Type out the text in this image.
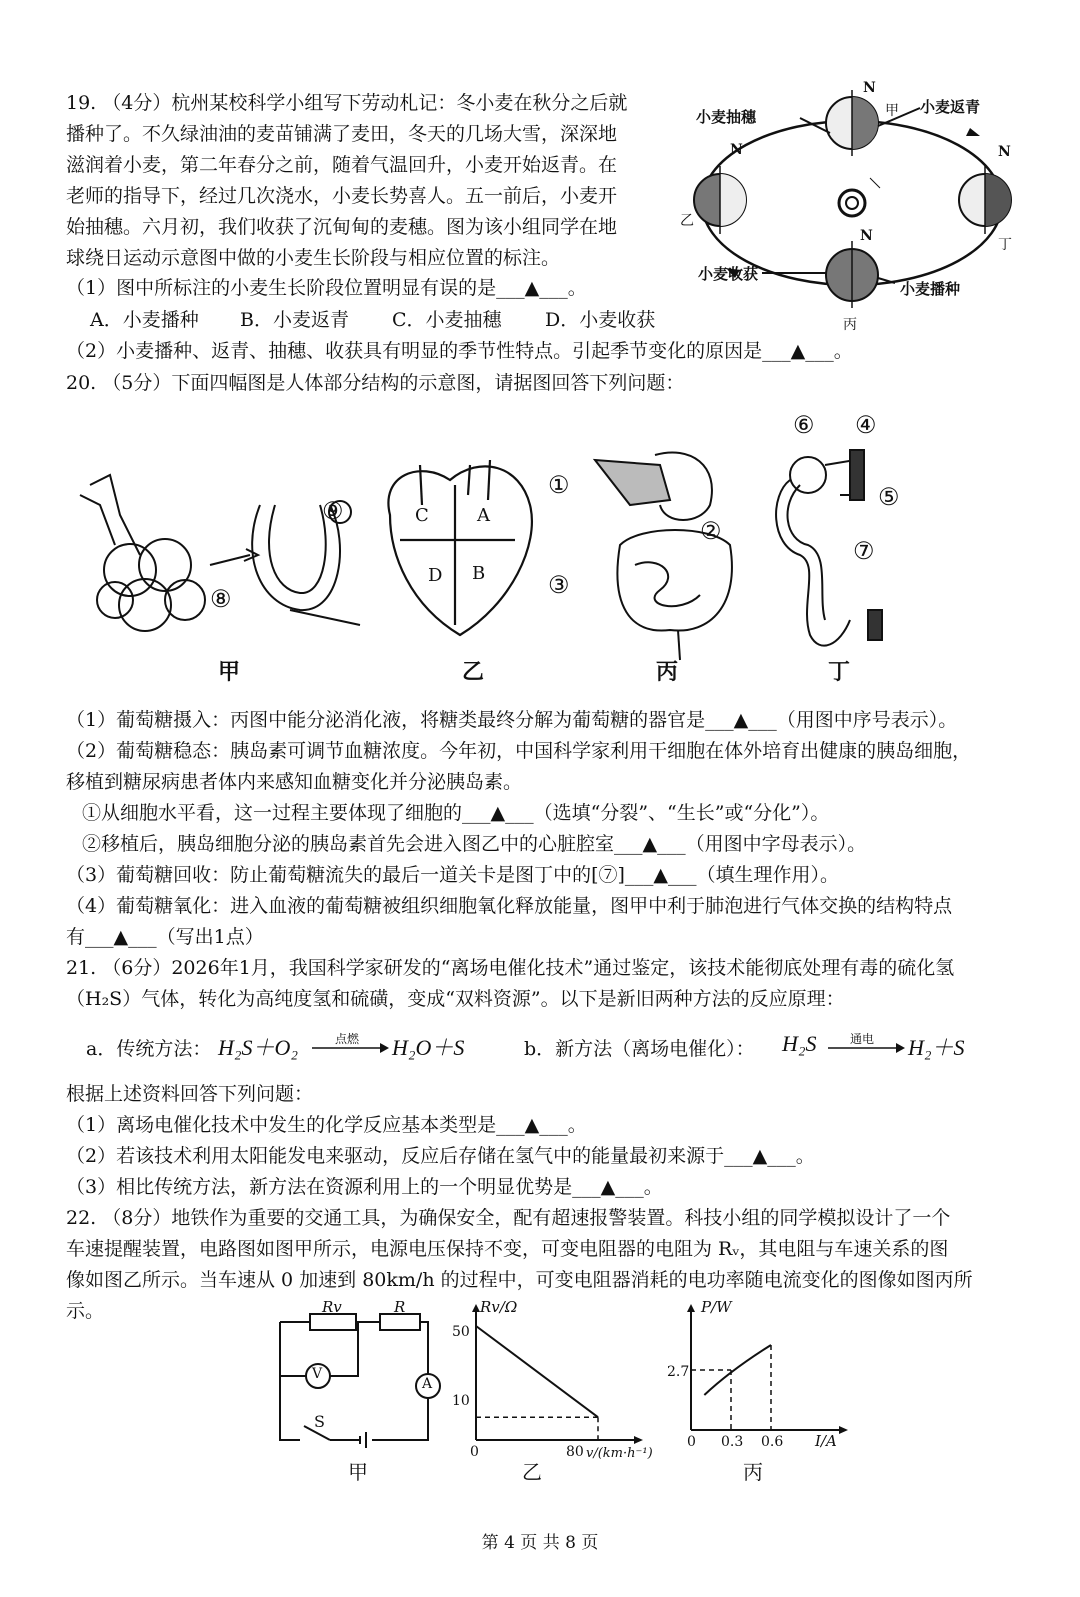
19. （4分）杭州某校科学小组写下劳动札记：冬小麦在秋分之后就
播种了。不久绿油油的麦苗铺满了麦田，冬天的几场大雪，深深地
滋润着小麦，第二年春分之前，随着气温回升，小麦开始返青。在
老师的指导下，经过几次浇水，小麦长势喜人。五一前后，小麦开
始抽穗。六月初，我们收获了沉甸甸的麦穗。图为该小组同学在地
球绕日运动示意图中做的小麦生长阶段与相应位置的标注。
（1）图中所标注的小麦生长阶段位置明显有误的是___▲___。
A．小麦播种 B．小麦返青 C．小麦抽穗 D．小麦收获
（2）小麦播种、返青、抽穗、收获具有明显的季节性特点。引起季节变化的原因是___▲___。
N
N	N
N
甲
乙
丁
丙
小麦抽穗
小麦返青
小麦收获
小麦播种
20. （5分）下面四幅图是人体部分结构的示意图，请据图回答下列问题：
C	A
D B
①
②
③
④
⑤
⑥
⑦
⑧
⑨
甲	乙	丙	丁
（1）葡萄糖摄入：丙图中能分泌消化液，将糖类最终分解为葡萄糖的器官是___▲___（用图中序号表示）。
（2）葡萄糖稳态：胰岛素可调节血糖浓度。今年初，中国科学家利用干细胞在体外培育出健康的胰岛细胞，
移植到糖尿病患者体内来感知血糖变化并分泌胰岛素。
①从细胞水平看，这一过程主要体现了细胞的___▲___（选填“分裂”、“生长”或“分化”）。
②移植后，胰岛细胞分泌的胰岛素首先会进入图乙中的心脏腔室___▲___（用图中字母表示）。
（3）葡萄糖回收：防止葡萄糖流失的最后一道关卡是图丁中的[⑦]___▲___（填生理作用）。
（4）葡萄糖氧化：进入血液的葡萄糖被组织细胞氧化释放能量，图甲中利于肺泡进行气体交换的结构特点
有___▲___（写出1点）
21. （6分）2026年1月，我国科学家研发的“离场电催化技术”通过鉴定，该技术能彻底处理有毒的硫化氢
（H₂S）气体，转化为高纯度氢和硫磺，变成“双料资源”。以下是新旧两种方法的反应原理：
a．传统方法： H₂S＋O₂	点燃 H₂O＋S	b．新方法（离场电催化）： H₂S	通电 H₂＋S
根据上述资料回答下列问题：
（1）离场电催化技术中发生的化学反应基本类型是___▲___。
（2）若该技术利用太阳能发电来驱动，反应后存储在氢气中的能量最初来源于___▲___。
（3）相比传统方法，新方法在资源利用上的一个明显优势是___▲___。
22. （8分）地铁作为重要的交通工具，为确保安全，配有超速报警装置。科技小组的同学模拟设计了一个
车速提醒装置，电路图如图甲所示，电源电压保持不变，可变电阻器的电阻为 Rᵥ，其电阻与车速关系的图
像如图乙所示。当车速从 0 加速到 80km/h 的过程中，可变电阻器消耗的电功率随电流变化的图像如图丙所
示。	Rv	R
V
A
S
甲
Rv/Ω
50
10
0	80 v/(km·h⁻¹)
乙
P/W
2.7
0 0.3 0.6 I/A
丙
第 4 页 共 8 页
